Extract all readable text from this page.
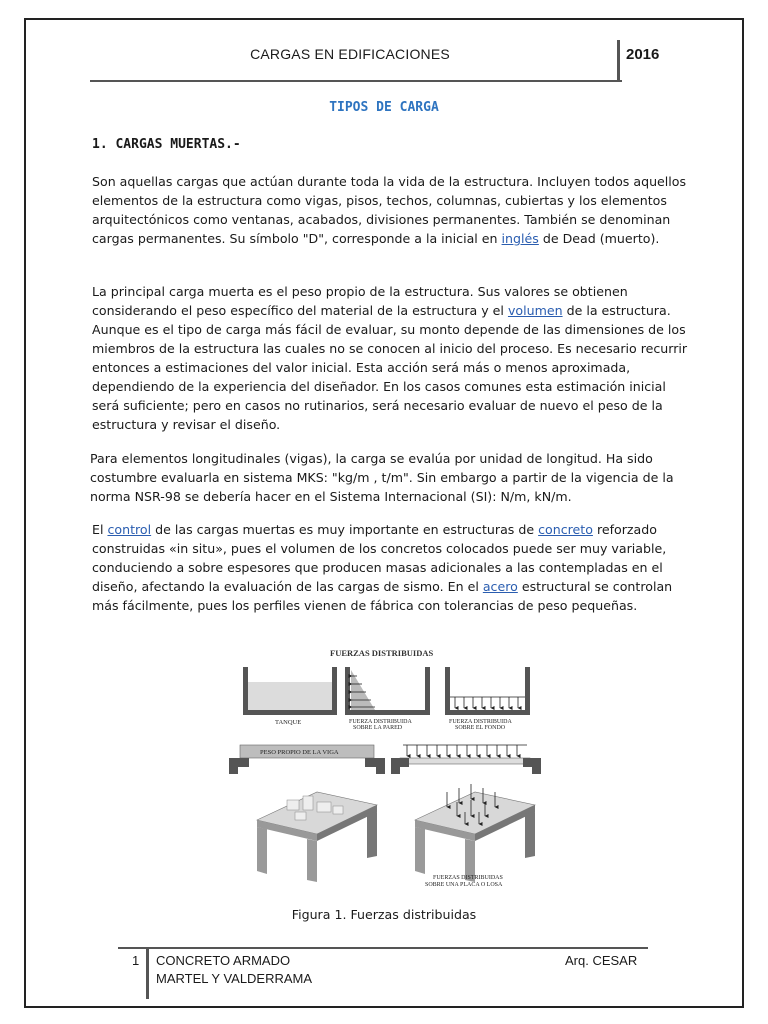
CARGAS EN EDIFICACIONES	2016
TIPOS DE CARGA
1. CARGAS MUERTAS.-

Son aquellas cargas que actúan durante toda la vida de la estructura. Incluyen todos aquellos elementos de la estructura como vigas, pisos, techos, columnas, cubiertas y los elementos arquitectónicos como ventanas, acabados, divisiones permanentes. También se denominan cargas permanentes. Su símbolo "D", corresponde a la inicial en inglés de Dead (muerto).

La principal carga muerta es el peso propio de la estructura. Sus valores se obtienen considerando el peso específico del material de la estructura y el volumen de la estructura. Aunque es el tipo de carga más fácil de evaluar, su monto depende de las dimensiones de los miembros de la estructura las cuales no se conocen al inicio del proceso. Es necesario recurrir entonces a estimaciones del valor inicial. Esta acción será más o menos aproximada, dependiendo de la experiencia del diseñador. En los casos comunes esta estimación inicial será suficiente; pero en casos no rutinarios, será necesario evaluar de nuevo el peso de la estructura y revisar el diseño.

Para elementos longitudinales (vigas), la carga se evalúa por unidad de longitud. Ha sido costumbre evaluarla en sistema MKS: "kg/m , t/m". Sin embargo a partir de la vigencia de la norma NSR-98 se debería hacer en el Sistema Internacional (SI): N/m, kN/m.

El control de las cargas muertas es muy importante en estructuras de concreto reforzado construidas «in situ», pues el volumen de los concretos colocados puede ser muy variable, conduciendo a sobre espesores que producen masas adicionales a las contempladas en el diseño, afectando la evaluación de las cargas de sismo. En el acero estructural se controlan más fácilmente, pues los perfiles vienen de fábrica con tolerancias de peso pequeñas.

FUERZAS DISTRIBUIDAS
TANQUE	FUERZA DISTRIBUIDA
SOBRE LA PARED
FUERZA DISTRIBUIDA
SOBRE EL FONDO
PESO PROPIO DE LA VIGA
FUERZAS DISTRIBUIDAS
SOBRE UNA PLACA O LOSA
Figura 1. Fuerzas distribuidas
1 CONCRETO ARMADO
MARTEL Y VALDERRAMA
Arq. CESAR
